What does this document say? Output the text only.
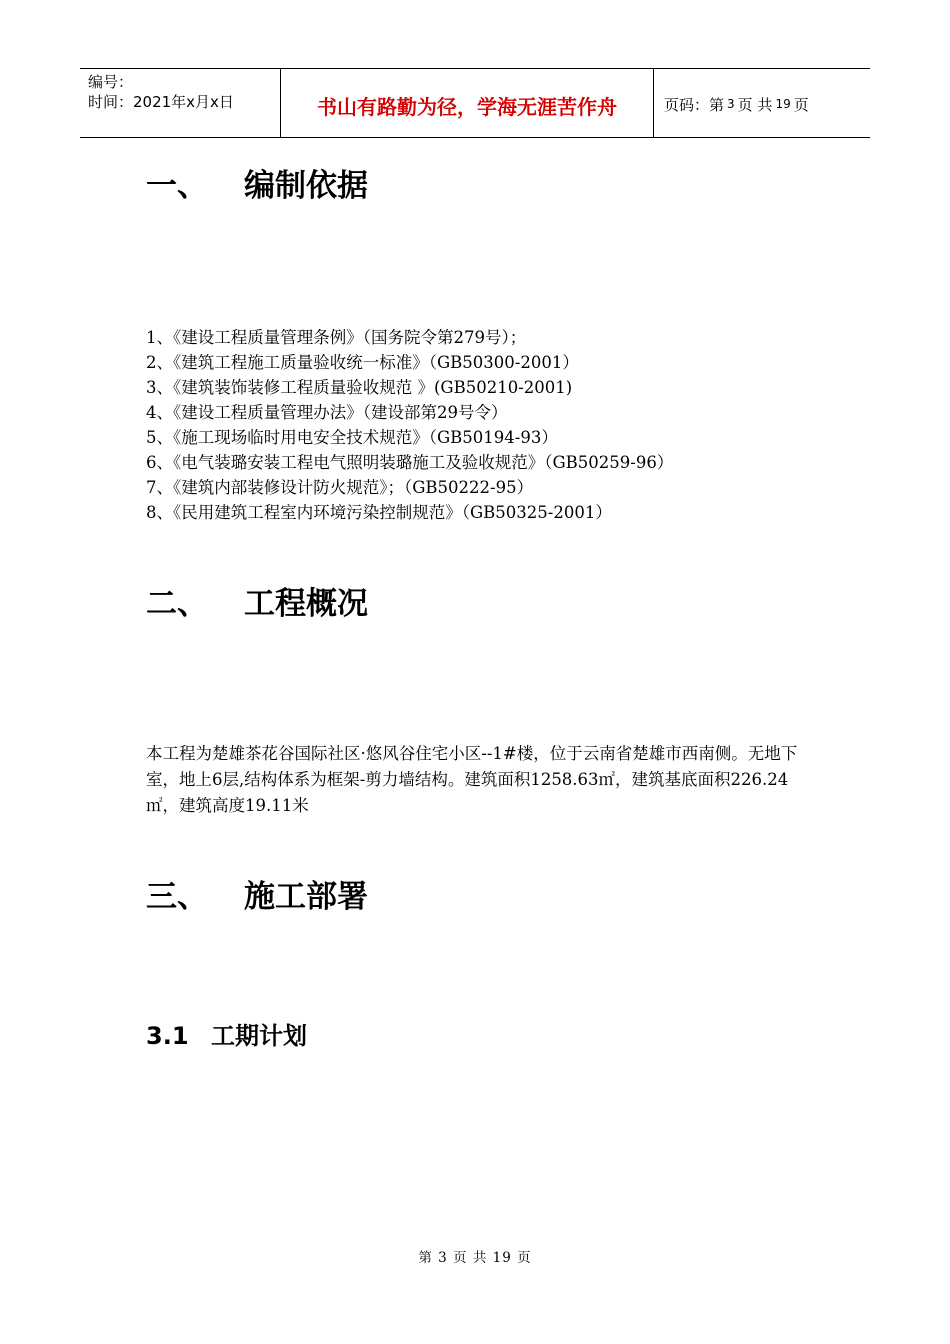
编号：
时间：2021年x月x日	书山有路勤为径，学海无涯苦作舟	页码：第 3 页 共 19 页
一、 编制依据
1、《建设工程质量管理条例》（国务院令第279号）；
2、《建筑工程施工质量验收统一标准》（GB50300-2001）
3、《建筑装饰装修工程质量验收规范 》(GB50210-2001)
4、《建设工程质量管理办法》（建设部第29号令）
5、《施工现场临时用电安全技术规范》（GB50194-93）
6、《电气装璐安装工程电气照明装璐施工及验收规范》（GB50259-96）
7、《建筑内部装修设计防火规范》；（GB50222-95）
8、《民用建筑工程室内环境污染控制规范》（GB50325-2001）
二、 工程概况
本工程为楚雄茶花谷国际社区·悠风谷住宅小区--1#楼，位于云南省楚雄市西南侧。无地下室，地上6层,结构体系为框架-剪力墙结构。建筑面积1258.63㎡，建筑基底面积226.24㎡，建筑高度19.11米
三、 施工部署
3.1 工期计划
第 3 页 共 19 页
